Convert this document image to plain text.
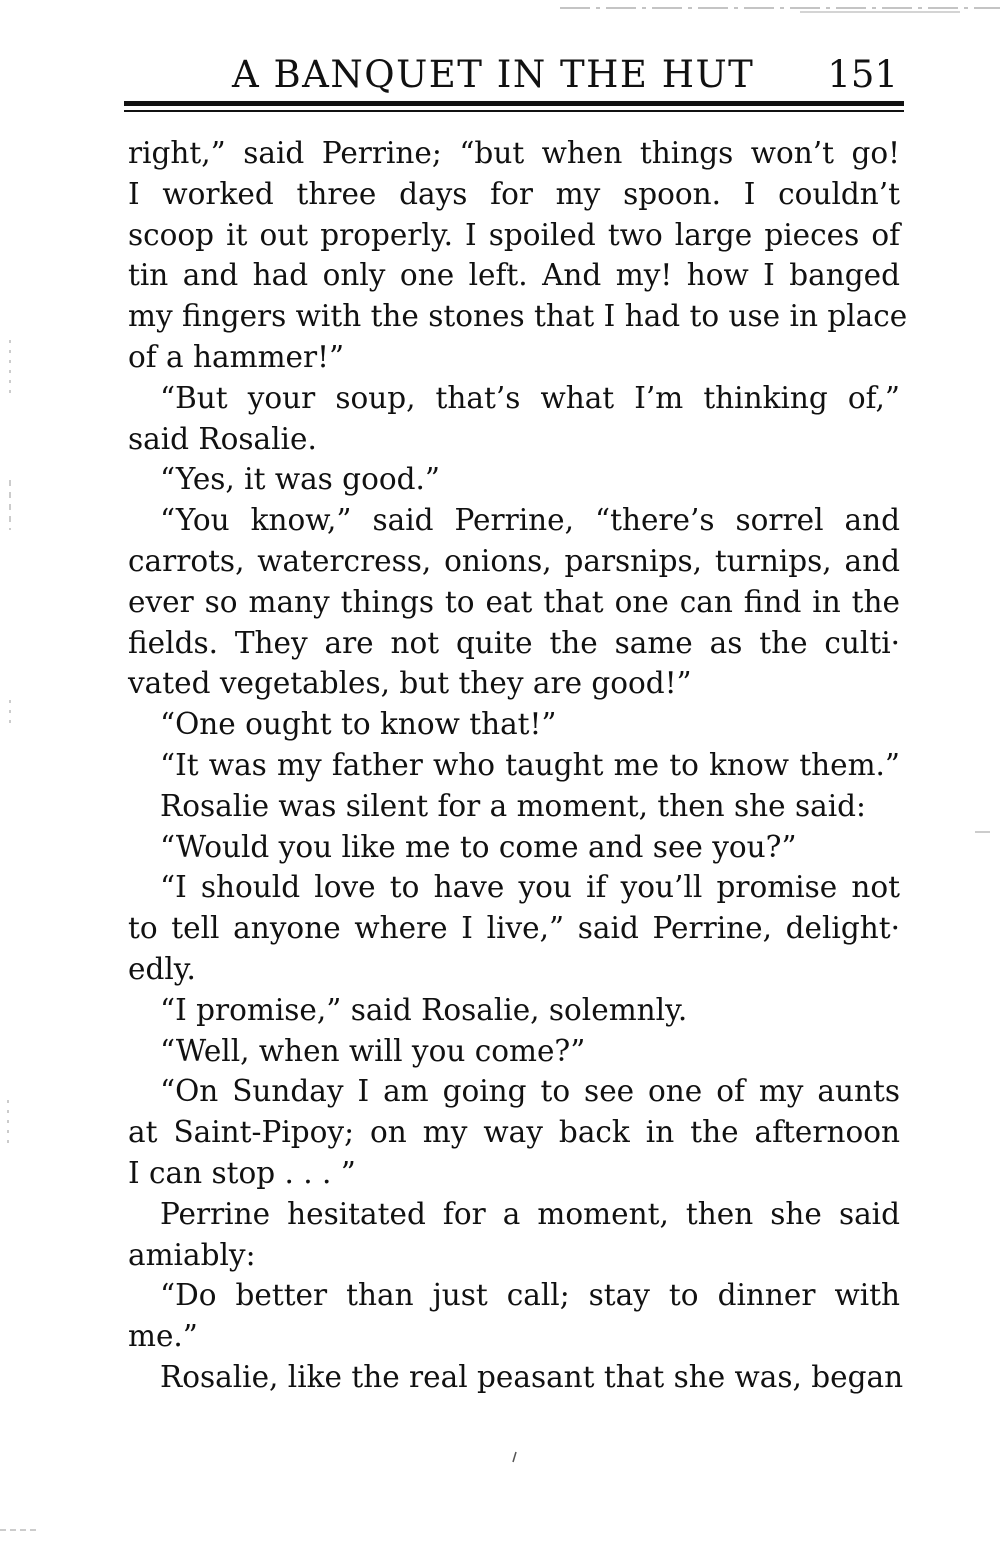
A BANQUET IN THE HUT 151
right,” said Perrine; “but when things won’t go!
I worked three days for my spoon. I couldn’t
scoop it out properly. I spoiled two large pieces of
tin and had only one left. And my! how I banged
my fingers with the stones that I had to use in place
of a hammer!”
“But your soup, that’s what I’m thinking of,”
said Rosalie.
“Yes, it was good.”
“You know,” said Perrine, “there’s sorrel and
carrots, watercress, onions, parsnips, turnips, and
ever so many things to eat that one can find in the
fields. They are not quite the same as the culti·
vated vegetables, but they are good!”
“One ought to know that!”
“It was my father who taught me to know them.”
Rosalie was silent for a moment, then she said:
“Would you like me to come and see you?”
“I should love to have you if you’ll promise not
to tell anyone where I live,” said Perrine, delight·
edly.
“I promise,” said Rosalie, solemnly.
“Well, when will you come?”
“On Sunday I am going to see one of my aunts
at Saint-Pipoy; on my way back in the afternoon
I can stop . . . ”
Perrine hesitated for a moment, then she said
amiably:
“Do better than just call; stay to dinner with
me.”
Rosalie, like the real peasant that she was, began
